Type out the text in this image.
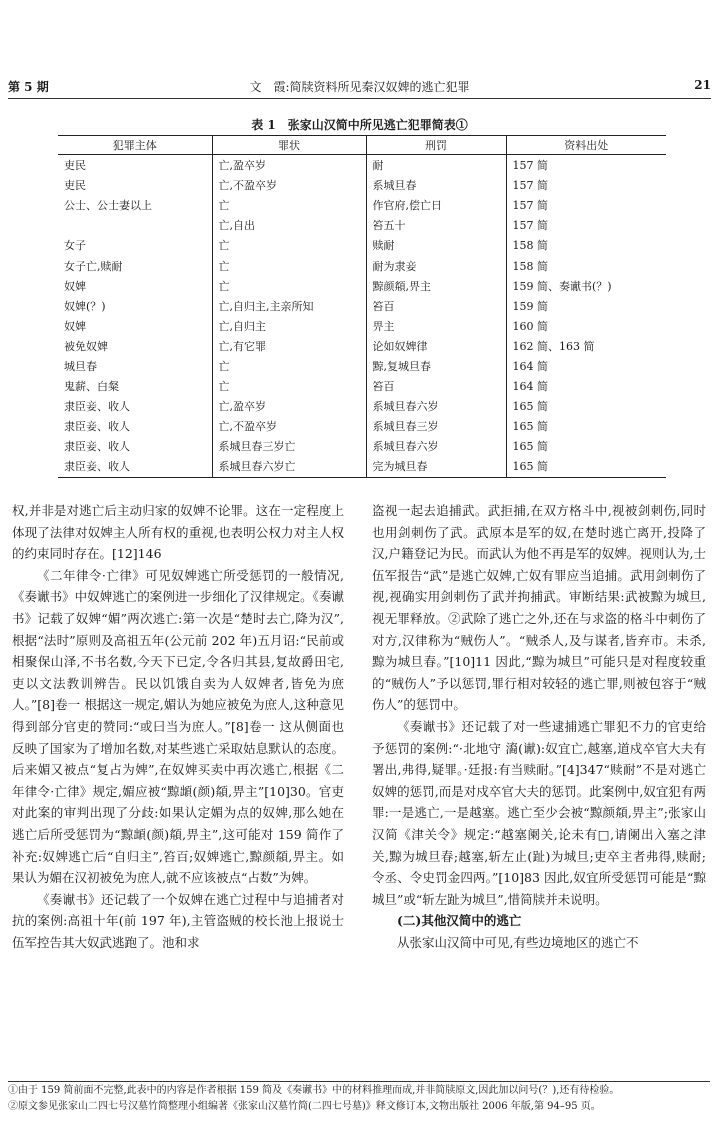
第 5 期	文　霞:简牍资料所见秦汉奴婢的逃亡犯罪	21
表 1　张家山汉简中所见逃亡犯罪简表①
犯罪主体	罪状	刑罚	资料出处
吏民	亡,盈卒岁	耐	157 简
吏民	亡,不盈卒岁	系城旦春	157 简
公士、公士妻以上	亡	作官府,偿亡日	157 简
	亡,自出	笞五十	157 简
女子	亡	赎耐	158 简
女子亡,赎耐	亡	耐为隶妾	158 简
奴婢	亡	黥颜頯,畀主	159 简、奏谳书(？)
奴婢(？)	亡,自归主,主亲所知	笞百	159 简
奴婢	亡,自归主	畀主	160 简
被免奴婢	亡,有它罪	论如奴婢律	162 简、163 简
城旦春	亡	黥,复城旦春	164 简
鬼薪、白粲	亡	笞百	164 简
隶臣妾、收人	亡,盈卒岁	系城旦春六岁	165 简
隶臣妾、收人	亡,不盈卒岁	系城旦春三岁	165 简
隶臣妾、收人	系城旦春三岁亡	系城旦春六岁	165 简
隶臣妾、收人	系城旦春六岁亡	完为城旦春	165 简

权,并非是对逃亡后主动归家的奴婢不论罪。这在一定程度上体现了法律对奴婢主人所有权的重视,也表明公权力对主人权的约束同时存在。[12]146

《二年律令·亡律》可见奴婢逃亡所受惩罚的一般情况,《奏谳书》中奴婢逃亡的案例进一步细化了汉律规定。《奏谳书》记载了奴婢“媚”两次逃亡:第一次是“楚时去亡,降为汉”,根据“法时”原则及高祖五年(公元前 202 年)五月诏:“民前或相聚保山泽,不书名数,今天下已定,令各归其县,复故爵田宅,吏以文法教训辨告。民以饥饿自卖为人奴婢者,皆免为庶人。”[8]卷一 根据这一规定,媚认为她应被免为庶人,这种意见得到部分官吏的赞同:“或曰当为庶人。”[8]卷一 这从侧面也反映了国家为了增加名数,对某些逃亡采取姑息默认的态度。后来媚又被点“复占为婢”,在奴婢买卖中再次逃亡,根据《二年律令·亡律》规定,媚应被“黥䪼(颜)頯,畀主”[10]30。官吏对此案的审判出现了分歧:如果认定媚为点的奴婢,那么她在逃亡后所受惩罚为“黥䪼(颜)頯,畀主”,这可能对 159 简作了补充:奴婢逃亡后“自归主”,笞百;奴婢逃亡,黥颜頯,畀主。如果认为媚在汉初被免为庶人,就不应该被点“占数”为婢。

《奏谳书》还记载了一个奴婢在逃亡过程中与追捕者对抗的案例:高祖十年(前 197 年),主管盗贼的校长池上报说士伍军控告其大奴武逃跑了。池和求

盗视一起去追捕武。武拒捕,在双方格斗中,视被剑刺伤,同时也用剑刺伤了武。武原本是军的奴,在楚时逃亡离开,投降了汉,户籍登记为民。而武认为他不再是军的奴婢。视则认为,士伍军报告“武”是逃亡奴婢,亡奴有罪应当追捕。武用剑刺伤了视,视确实用剑刺伤了武并拘捕武。审断结果:武被黥为城旦,视无罪释放。②武除了逃亡之外,还在与求盗的格斗中刺伤了对方,汉律称为“贼伤人”。“贼杀人,及与谋者,皆弃市。未杀,黥为城旦春。”[10]11 因此,“黥为城旦”可能只是对程度较重的“贼伤人”予以惩罚,罪行相对较轻的逃亡罪,则被包容于“贼伤人”的惩罚中。

《奏谳书》还记载了对一些逮捕逃亡罪犯不力的官吏给予惩罚的案例:“·北地守 㵝(谳):奴宜亡,越塞,道戍卒官大夫有署出,弗得,疑罪。·廷报:有当赎耐。”[4]347“赎耐”不是对逃亡奴婢的惩罚,而是对戍卒官大夫的惩罚。此案例中,奴宜犯有两罪:一是逃亡,一是越塞。逃亡至少会被“黥颜頯,畀主”;张家山汉简《津关令》规定:“越塞阑关,论未有□,请阑出入塞之津关,黥为城旦春;越塞,斩左止(趾)为城旦;吏卒主者弗得,赎耐;令丞、令史罚金四两。”[10]83 因此,奴宜所受惩罚可能是“黥城旦”或“斩左趾为城旦”,惜简牍并未说明。

(二)其他汉简中的逃亡

从张家山汉简中可见,有些边境地区的逃亡不

①由于 159 简前面不完整,此表中的内容是作者根据 159 简及《奏谳书》中的材料推理而成,并非简牍原文,因此加以问号(？),还有待检验。
②原文参见张家山二四七号汉墓竹简整理小组编著《张家山汉墓竹简(二四七号墓)》释文修订本,文物出版社 2006 年版,第 94–95 页。
